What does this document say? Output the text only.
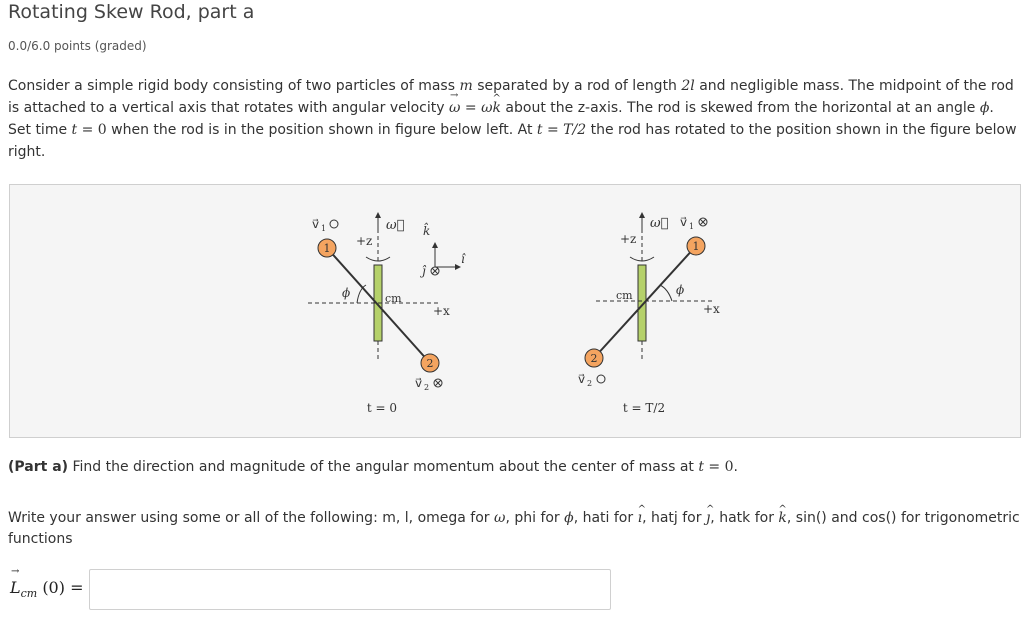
Rotating Skew Rod, part a
0.0/6.0 points (graded)
Consider a simple rigid body consisting of two particles of mass m separated by a rod of length 2l and negligible mass. The midpoint of the rod is attached to a vertical axis that rotates with angular velocity ω → = ωk ^ about the z-axis. The rod is skewed from the horizontal at an angle ϕ. Set time t = 0 when the rod is in the position shown in figure below left. At t = T/2 the rod has rotated to the position shown in the figure below right.
1
2
v⃗ 1
+z
ω⃗
ϕ	cm
+x
v⃗ 2
k̂
î
ĵ
t = 0
1
2
v⃗ 1
+z
ω⃗
cm	ϕ
+x
v⃗ 2
t = T/2
(Part a) Find the direction and magnitude of the angular momentum about the center of mass at t = 0.
Write your answer using some or all of the following: m, l, omega for ω, phi for ϕ, hati for ı ^, hatj for ȷ ^, hatk for k ^, sin() and cos() for trigonometric functions
$L \to_{cm}$ (0) =
